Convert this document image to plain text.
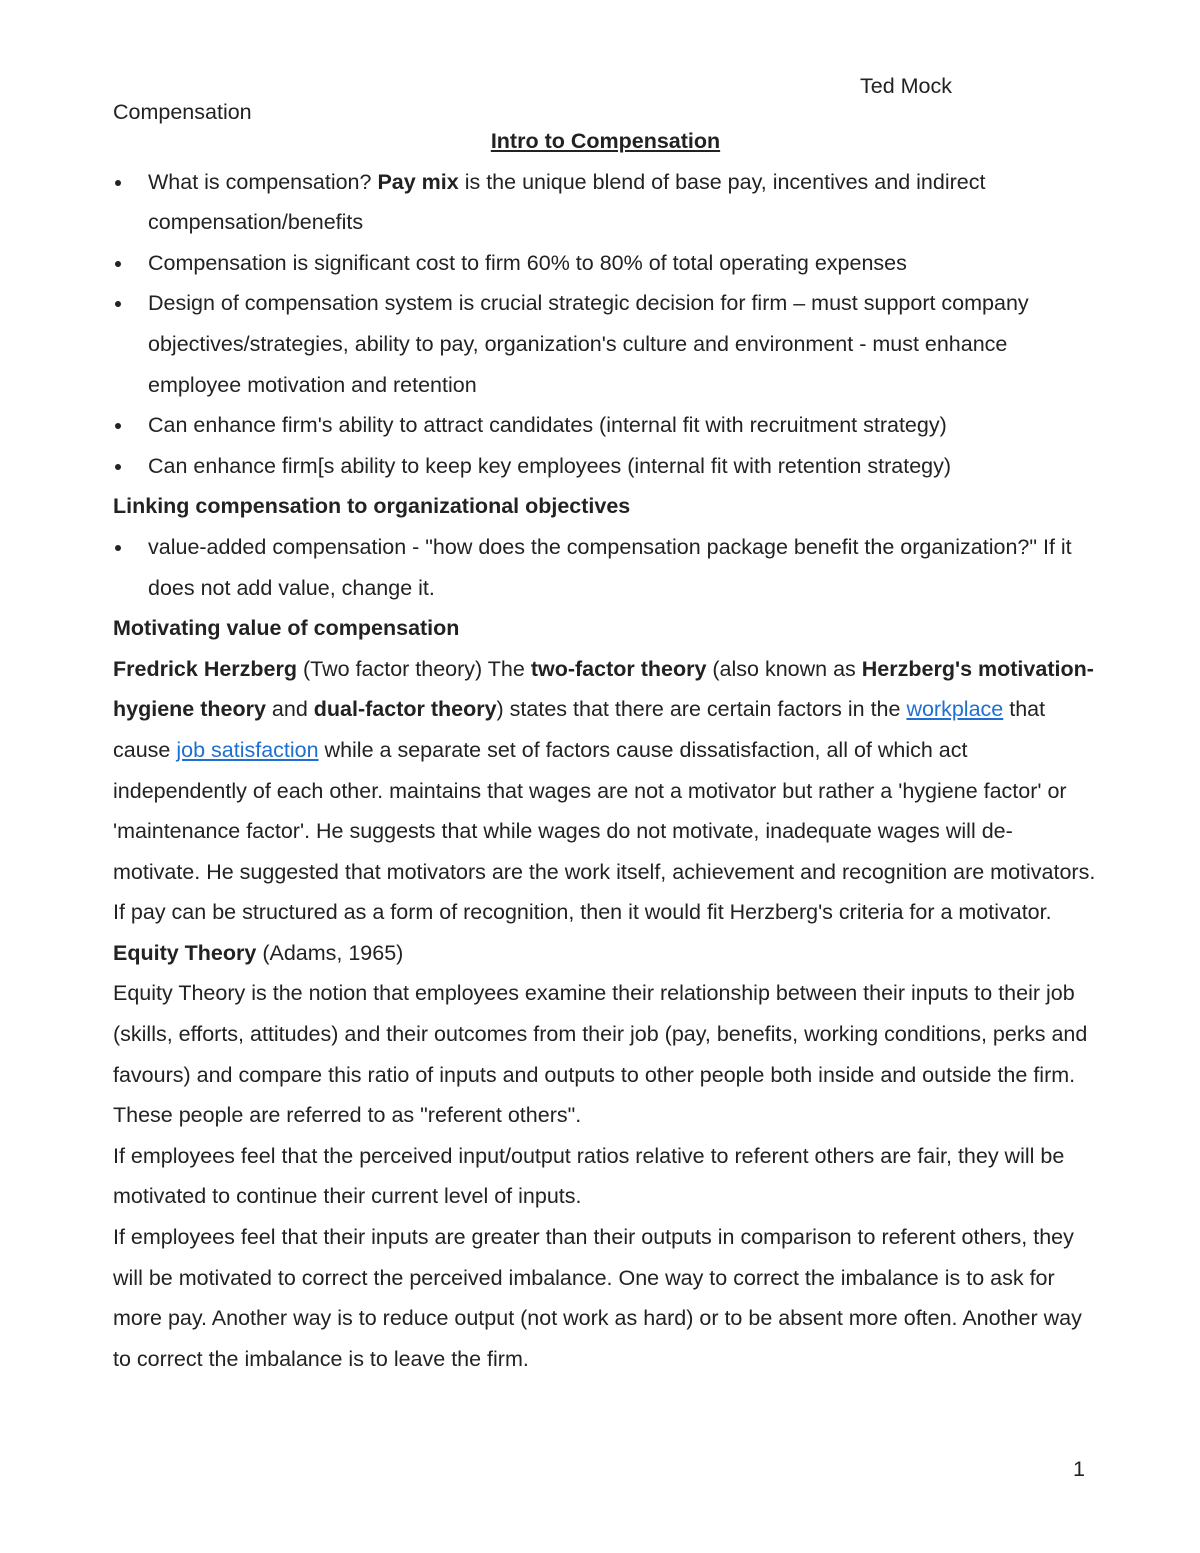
Ted Mock
Compensation
Intro to Compensation
What is compensation? Pay mix is the unique blend of base pay, incentives and indirect compensation/benefits
Compensation is significant cost to firm 60% to 80% of total operating expenses
Design of compensation system is crucial strategic decision for firm – must support company objectives/strategies, ability to pay, organization's culture and environment - must enhance employee motivation and retention
Can enhance firm's ability to attract candidates (internal fit with recruitment strategy)
Can enhance firm[s ability to keep key employees (internal fit with retention strategy)
Linking compensation to organizational objectives
value-added compensation - "how does the compensation package benefit the organization?" If it does not add value, change it.
Motivating value of compensation

Fredrick Herzberg (Two factor theory) The two-factor theory (also known as Herzberg's motivation-hygiene theory and dual-factor theory) states that there are certain factors in the workplace that cause job satisfaction while a separate set of factors cause dissatisfaction, all of which act independently of each other. maintains that wages are not a motivator but rather a 'hygiene factor' or 'maintenance factor'. He suggests that while wages do not motivate, inadequate wages will de-motivate. He suggested that motivators are the work itself, achievement and recognition are motivators. If pay can be structured as a form of recognition, then it would fit Herzberg's criteria for a motivator.

Equity Theory (Adams, 1965)

Equity Theory is the notion that employees examine their relationship between their inputs to their job (skills, efforts, attitudes) and their outcomes from their job (pay, benefits, working conditions, perks and favours) and compare this ratio of inputs and outputs to other people both inside and outside the firm. These people are referred to as "referent others".

If employees feel that the perceived input/output ratios relative to referent others are fair, they will be motivated to continue their current level of inputs.

If employees feel that their inputs are greater than their outputs in comparison to referent others, they will be motivated to correct the perceived imbalance. One way to correct the imbalance is to ask for more pay. Another way is to reduce output (not work as hard) or to be absent more often. Another way to correct the imbalance is to leave the firm.

1
